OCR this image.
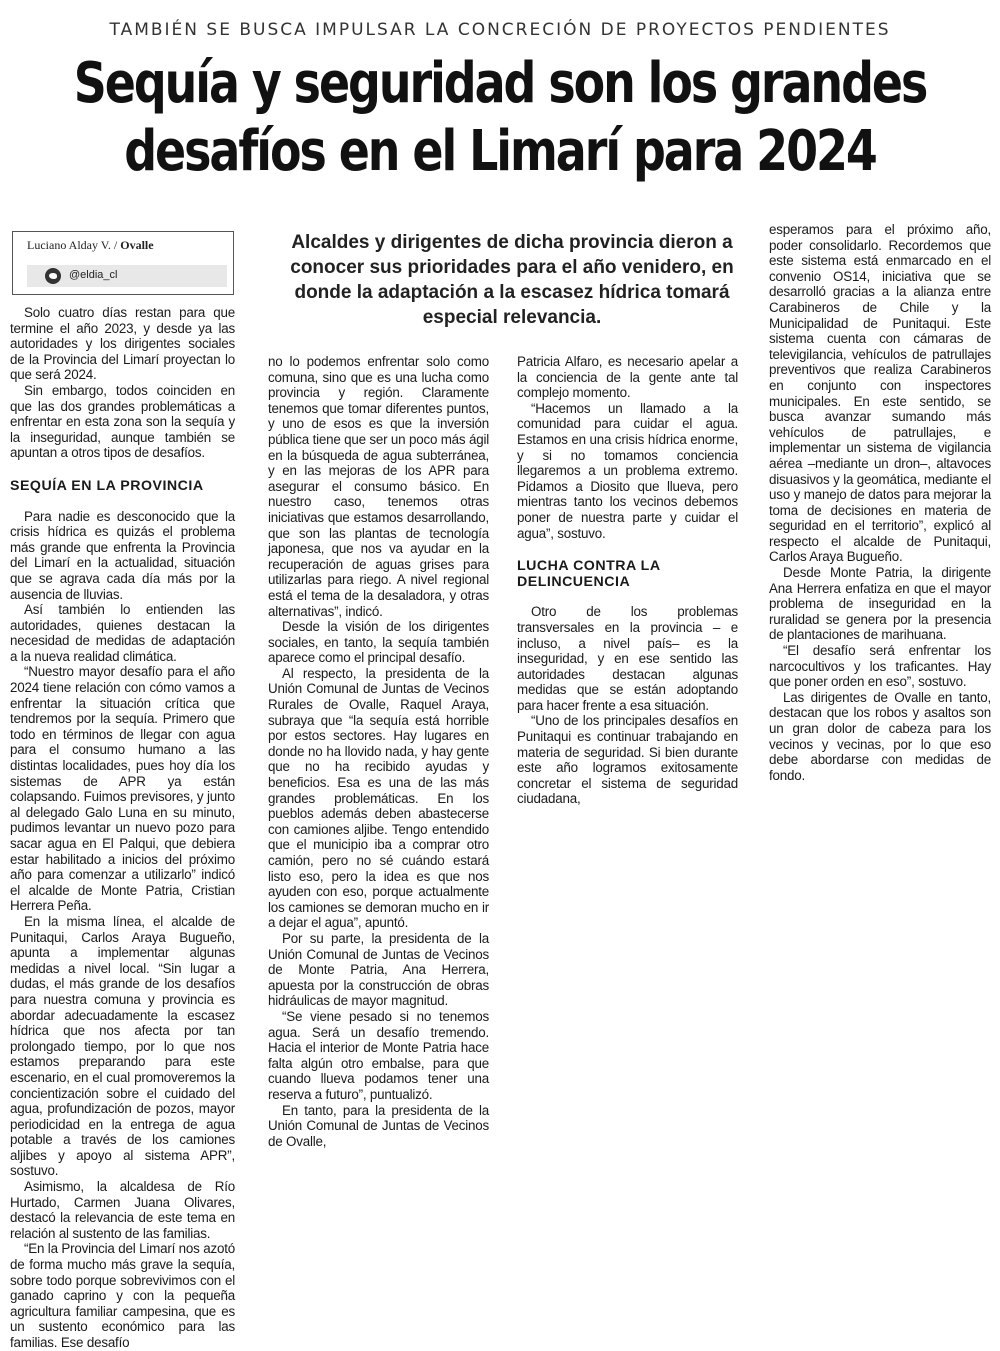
TAMBIÉN SE BUSCA IMPULSAR LA CONCRECIÓN DE PROYECTOS PENDIENTES
Sequía y seguridad son los grandes
desafíos en el Limarí para 2024
Luciano Alday V. / Ovalle
@eldia_cl
Alcaldes y dirigentes de dicha provincia dieron a conocer sus prioridades para el año venidero, en donde la adaptación a la escasez hídrica tomará especial relevancia.

Solo cuatro días restan para que termine el año 2023, y desde ya las autoridades y los dirigentes sociales de la Provincia del Limarí proyectan lo que será 2024.

Sin embargo, todos coinciden en que las dos grandes problemáticas a enfrentar en esta zona son la sequía y la inseguridad, aunque también se apuntan a otros tipos de desafíos.

SEQUÍA EN LA PROVINCIA

Para nadie es desconocido que la crisis hídrica es quizás el problema más grande que enfrenta la Provincia del Limarí en la actualidad, situación que se agrava cada día más por la ausencia de lluvias.

Así también lo entienden las autoridades, quienes destacan la necesidad de medidas de adaptación a la nueva realidad climática.

“Nuestro mayor desafío para el año 2024 tiene relación con cómo vamos a enfrentar la situación crítica que tendremos por la sequía. Primero que todo en términos de llegar con agua para el consumo humano a las distintas localidades, pues hoy día los sistemas de APR ya están colapsando. Fuimos previsores, y junto al delegado Galo Luna en su minuto, pudimos levantar un nuevo pozo para sacar agua en El Palqui, que debiera estar habilitado a inicios del próximo año para comenzar a utilizarlo” indicó el alcalde de Monte Patria, Cristian Herrera Peña.

En la misma línea, el alcalde de Punitaqui, Carlos Araya Bugueño, apunta a implementar algunas medidas a nivel local. “Sin lugar a dudas, el más grande de los desafíos para nuestra comuna y provincia es abordar adecuadamente la escasez hídrica que nos afecta por tan prolongado tiempo, por lo que nos estamos preparando para este escenario, en el cual promoveremos la concientización sobre el cuidado del agua, profundización de pozos, mayor periodicidad en la entrega de agua potable a través de los camiones aljibes y apoyo al sistema APR”, sostuvo.

Asimismo, la alcaldesa de Río Hurtado, Carmen Juana Olivares, destacó la relevancia de este tema en relación al sustento de las familias.

“En la Provincia del Limarí nos azotó de forma mucho más grave la sequía, sobre todo porque sobrevivimos con el ganado caprino y con la pequeña agricultura familiar campesina, que es un sustento económico para las familias. Ese desafío

no lo podemos enfrentar solo como comuna, sino que es una lucha como provincia y región. Claramente tenemos que tomar diferentes puntos, y uno de esos es que la inversión pública tiene que ser un poco más ágil en la búsqueda de agua subterránea, y en las mejoras de los APR para asegurar el consumo básico. En nuestro caso, tenemos otras iniciativas que estamos desarrollando, que son las plantas de tecnología japonesa, que nos va ayudar en la recuperación de aguas grises para utilizarlas para riego. A nivel regional está el tema de la desaladora, y otras alternativas”, indicó.

Desde la visión de los dirigentes sociales, en tanto, la sequía también aparece como el principal desafío.

Al respecto, la presidenta de la Unión Comunal de Juntas de Vecinos Rurales de Ovalle, Raquel Araya, subraya que “la sequía está horrible por estos sectores. Hay lugares en donde no ha llovido nada, y hay gente que no ha recibido ayudas y beneficios. Esa es una de las más grandes problemáticas. En los pueblos además deben abastecerse con camiones aljibe. Tengo entendido que el municipio iba a comprar otro camión, pero no sé cuándo estará listo eso, pero la idea es que nos ayuden con eso, porque actualmente los camiones se demoran mucho en ir a dejar el agua”, apuntó.

Por su parte, la presidenta de la Unión Comunal de Juntas de Vecinos de Monte Patria, Ana Herrera, apuesta por la construcción de obras hidráulicas de mayor magnitud.

“Se viene pesado si no tenemos agua. Será un desafío tremendo. Hacia el interior de Monte Patria hace falta algún otro embalse, para que cuando llueva podamos tener una reserva a futuro”, puntualizó.

En tanto, para la presidenta de la Unión Comunal de Juntas de Vecinos de Ovalle,

Patricia Alfaro, es necesario apelar a la conciencia de la gente ante tal complejo momento.

“Hacemos un llamado a la comunidad para cuidar el agua. Estamos en una crisis hídrica enorme, y si no tomamos conciencia llegaremos a un problema extremo. Pidamos a Diosito que llueva, pero mientras tanto los vecinos debemos poner de nuestra parte y cuidar el agua”, sostuvo.

LUCHA CONTRA LA DELINCUENCIA

Otro de los problemas transversales en la provincia – e incluso, a nivel país– es la inseguridad, y en ese sentido las autoridades destacan algunas medidas que se están adoptando para hacer frente a esa situación.

“Uno de los principales desafíos en Punitaqui es continuar trabajando en materia de seguridad. Si bien durante este año logramos exitosamente concretar el sistema de seguridad ciudadana,

esperamos para el próximo año, poder consolidarlo. Recordemos que este sistema está enmarcado en el convenio OS14, iniciativa que se desarrolló gracias a la alianza entre Carabineros de Chile y la Municipalidad de Punitaqui. Este sistema cuenta con cámaras de televigilancia, vehículos de patrullajes preventivos que realiza Carabineros en conjunto con inspectores municipales. En este sentido, se busca avanzar sumando más vehículos de patrullajes, e implementar un sistema de vigilancia aérea –mediante un dron–, altavoces disuasivos y la geomática, mediante el uso y manejo de datos para mejorar la toma de decisiones en materia de seguridad en el territorio”, explicó al respecto el alcalde de Punitaqui, Carlos Araya Bugueño.

Desde Monte Patria, la dirigente Ana Herrera enfatiza en que el mayor problema de inseguridad en la ruralidad se genera por la presencia de plantaciones de marihuana.

“El desafío será enfrentar los narcocultivos y los traficantes. Hay que poner orden en eso”, sostuvo.

Las dirigentes de Ovalle en tanto, destacan que los robos y asaltos son un gran dolor de cabeza para los vecinos y vecinas, por lo que eso debe abordarse con medidas de fondo.
